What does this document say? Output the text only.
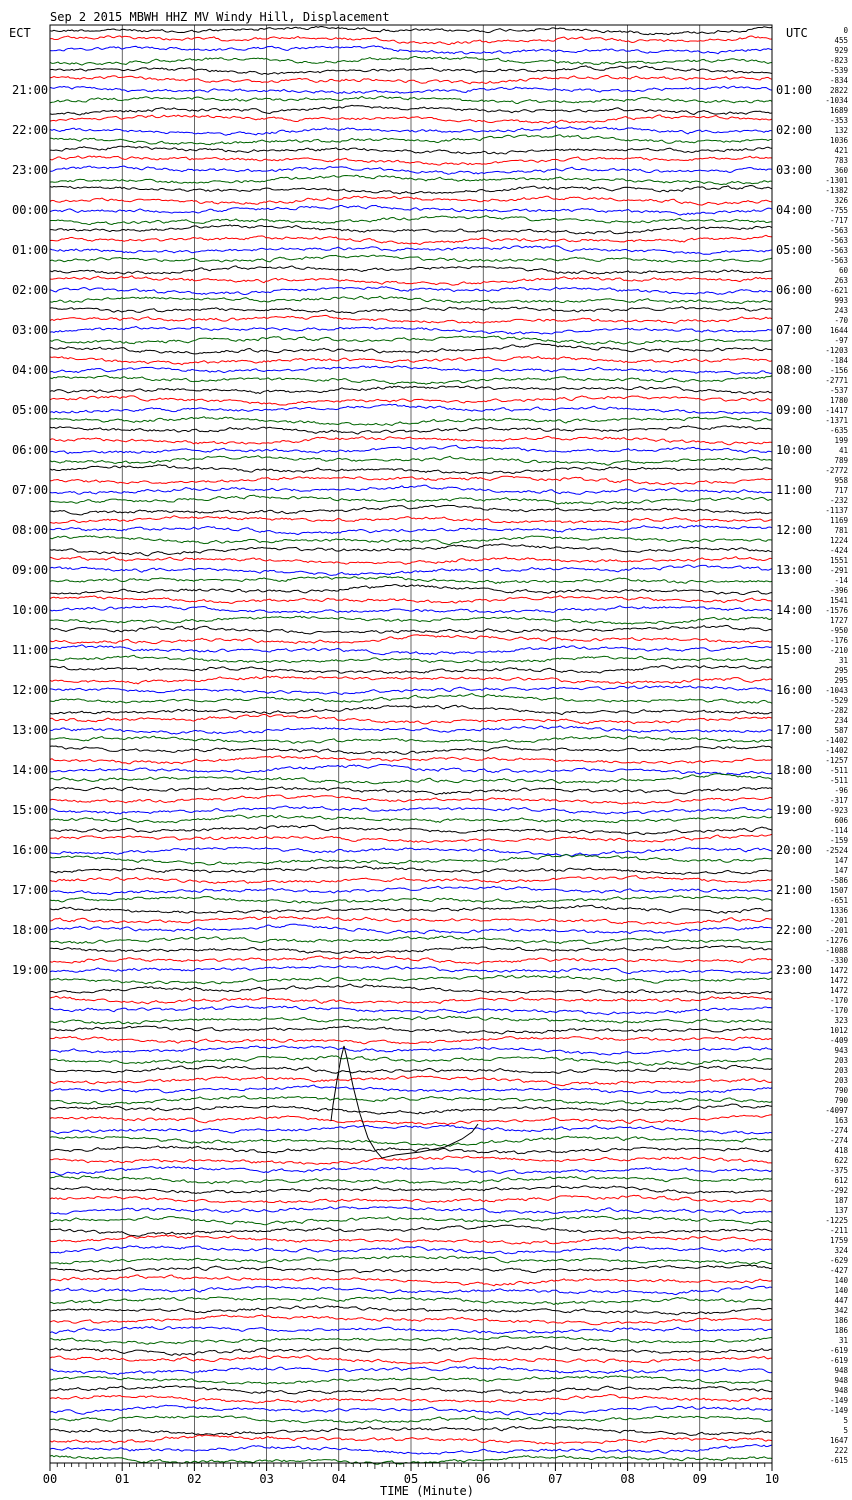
Sep 2 2015 MBWH HHZ MV Windy Hill, Displacement
ECT	UTC
TIME (Minute)
00	01	02	03	04	05	06	07	08	09	10
21:00
22:00
23:00
00:00
01:00
02:00
03:00
04:00
05:00
06:00
07:00
08:00
09:00
10:00
11:00
12:00
13:00
14:00
15:00
16:00
17:00
18:00
19:00
01:00
02:00
03:00
04:00
05:00
06:00
07:00
08:00
09:00
10:00
11:00
12:00
13:00
14:00
15:00
16:00
17:00
18:00
19:00
20:00
21:00
22:00
23:00
0
455
929
-823
-539
-834
2822
-1034
1689
-353
132
1036
421
783
360
-1301
-1382
326
-755
-717
-563
-563
-563
-563
60
263
-621
993
243
-70
1644
-97
-1203
-184
-156
-2771
-537
1780
-1417
-1371
-635
199
41
789
-2772
958
717
-232
-1137
1169
781
1224
-424
1551
-291
-14
-396
1541
-1576
1727
-950
-176
-210
31
295
295
-1043
-529
-282
234
587
-1402
-1402
-1257
-511
-511
-96
-317
-923
606
-114
-159
-2524
147
147
-586
1507
-651
1336
-201
-201
-1276
-1088
-330
1472
1472
1472
-170
-170
323
1012
-409
943
203
203
203
790
790
-4097
163
-274
-274
418
622
-375
612
-292
187
137
-1225
-211
1759
324
-629
-427
140
140
447
342
186
186
31
-619
-619
948
948
948
-149
-149
5
5
1647
222
-615
